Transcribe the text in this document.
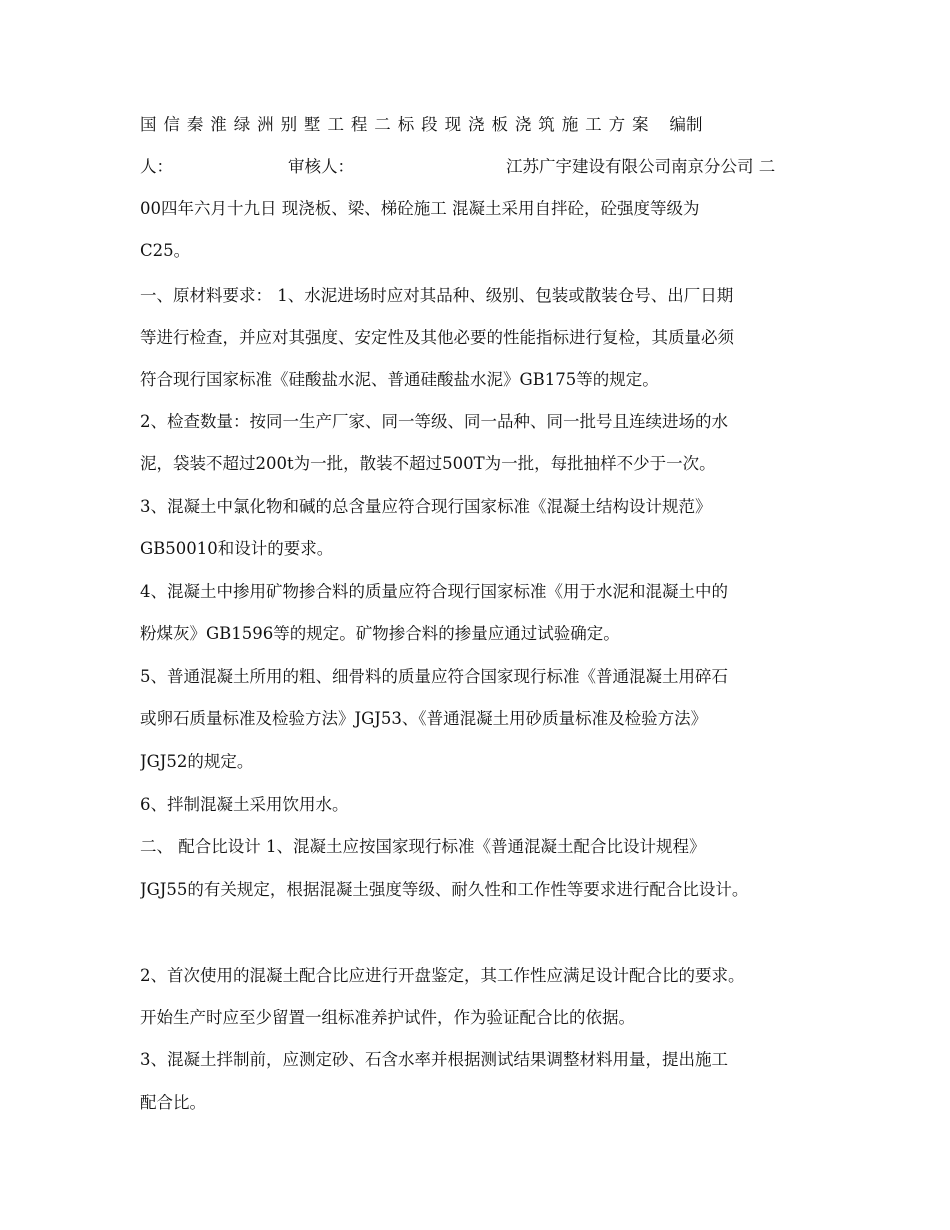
国信秦淮绿洲别墅工程二标段现浇板浇筑施工方案 编制
人：	审核人：	江苏广宇建设有限公司南京分公司 二
00四年六月十九日 现浇板、梁、梯砼施工 混凝土采用自拌砼，砼强度等级为
C25。
一、原材料要求： 1、水泥进场时应对其品种、级别、包装或散装仓号、出厂日期
等进行检查，并应对其强度、安定性及其他必要的性能指标进行复检，其质量必须
符合现行国家标准《硅酸盐水泥、普通硅酸盐水泥》GB175等的规定。
2、检查数量：按同一生产厂家、同一等级、同一品种、同一批号且连续进场的水
泥，袋装不超过200t为一批，散装不超过500T为一批，每批抽样不少于一次。
3、混凝土中氯化物和碱的总含量应符合现行国家标准《混凝土结构设计规范》
GB50010和设计的要求。
4、混凝土中掺用矿物掺合料的质量应符合现行国家标准《用于水泥和混凝土中的
粉煤灰》GB1596等的规定。矿物掺合料的掺量应通过试验确定。
5、普通混凝土所用的粗、细骨料的质量应符合国家现行标准《普通混凝土用碎石
或卵石质量标准及检验方法》JGJ53、《普通混凝土用砂质量标准及检验方法》
JGJ52的规定。
6、拌制混凝土采用饮用水。
二、 配合比设计 1、混凝土应按国家现行标准《普通混凝土配合比设计规程》
JGJ55的有关规定，根据混凝土强度等级、耐久性和工作性等要求进行配合比设计。
2、首次使用的混凝土配合比应进行开盘鉴定，其工作性应满足设计配合比的要求。
开始生产时应至少留置一组标准养护试件，作为验证配合比的依据。
3、混凝土拌制前，应测定砂、石含水率并根据测试结果调整材料用量，提出施工
配合比。
